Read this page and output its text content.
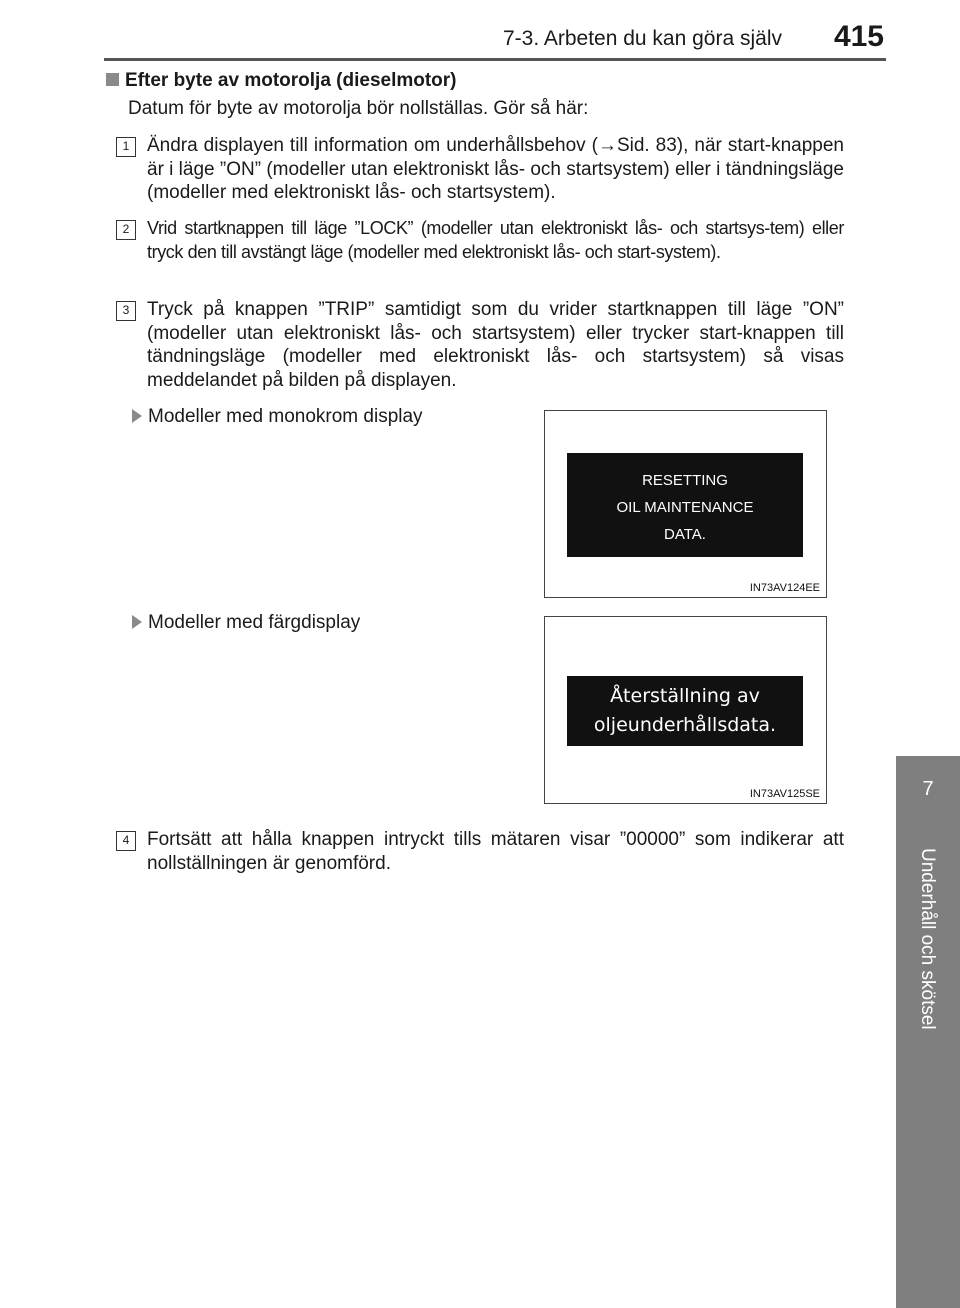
7-3. Arbeten du kan göra själv 415
7
Underhåll och skötsel
Efter byte av motorolja (dieselmotor)
Datum för byte av motorolja bör nollställas. Gör så här:
1 Ändra displayen till information om underhållsbehov (→Sid. 83), när start-knappen är i läge ”ON” (modeller utan elektroniskt lås- och startsystem) eller i tändningsläge (modeller med elektroniskt lås- och startsystem).
2 Vrid startknappen till läge ”LOCK” (modeller utan elektroniskt lås- och startsys-tem) eller tryck den till avstängt läge (modeller med elektroniskt lås- och start-system).
3 Tryck på knappen ”TRIP” samtidigt som du vrider startknappen till läge ”ON” (modeller utan elektroniskt lås- och startsystem) eller trycker start-knappen till tändningsläge (modeller med elektroniskt lås- och startsystem) så visas meddelandet på bilden på displayen.
Modeller med monokrom display
RESETTING
OIL MAINTENANCE
DATA.
IN73AV124EE
Modeller med färgdisplay
Återställning av
oljeunderhållsdata.
IN73AV125SE
4 Fortsätt att hålla knappen intryckt tills mätaren visar ”00000” som indikerar att nollställningen är genomförd.
